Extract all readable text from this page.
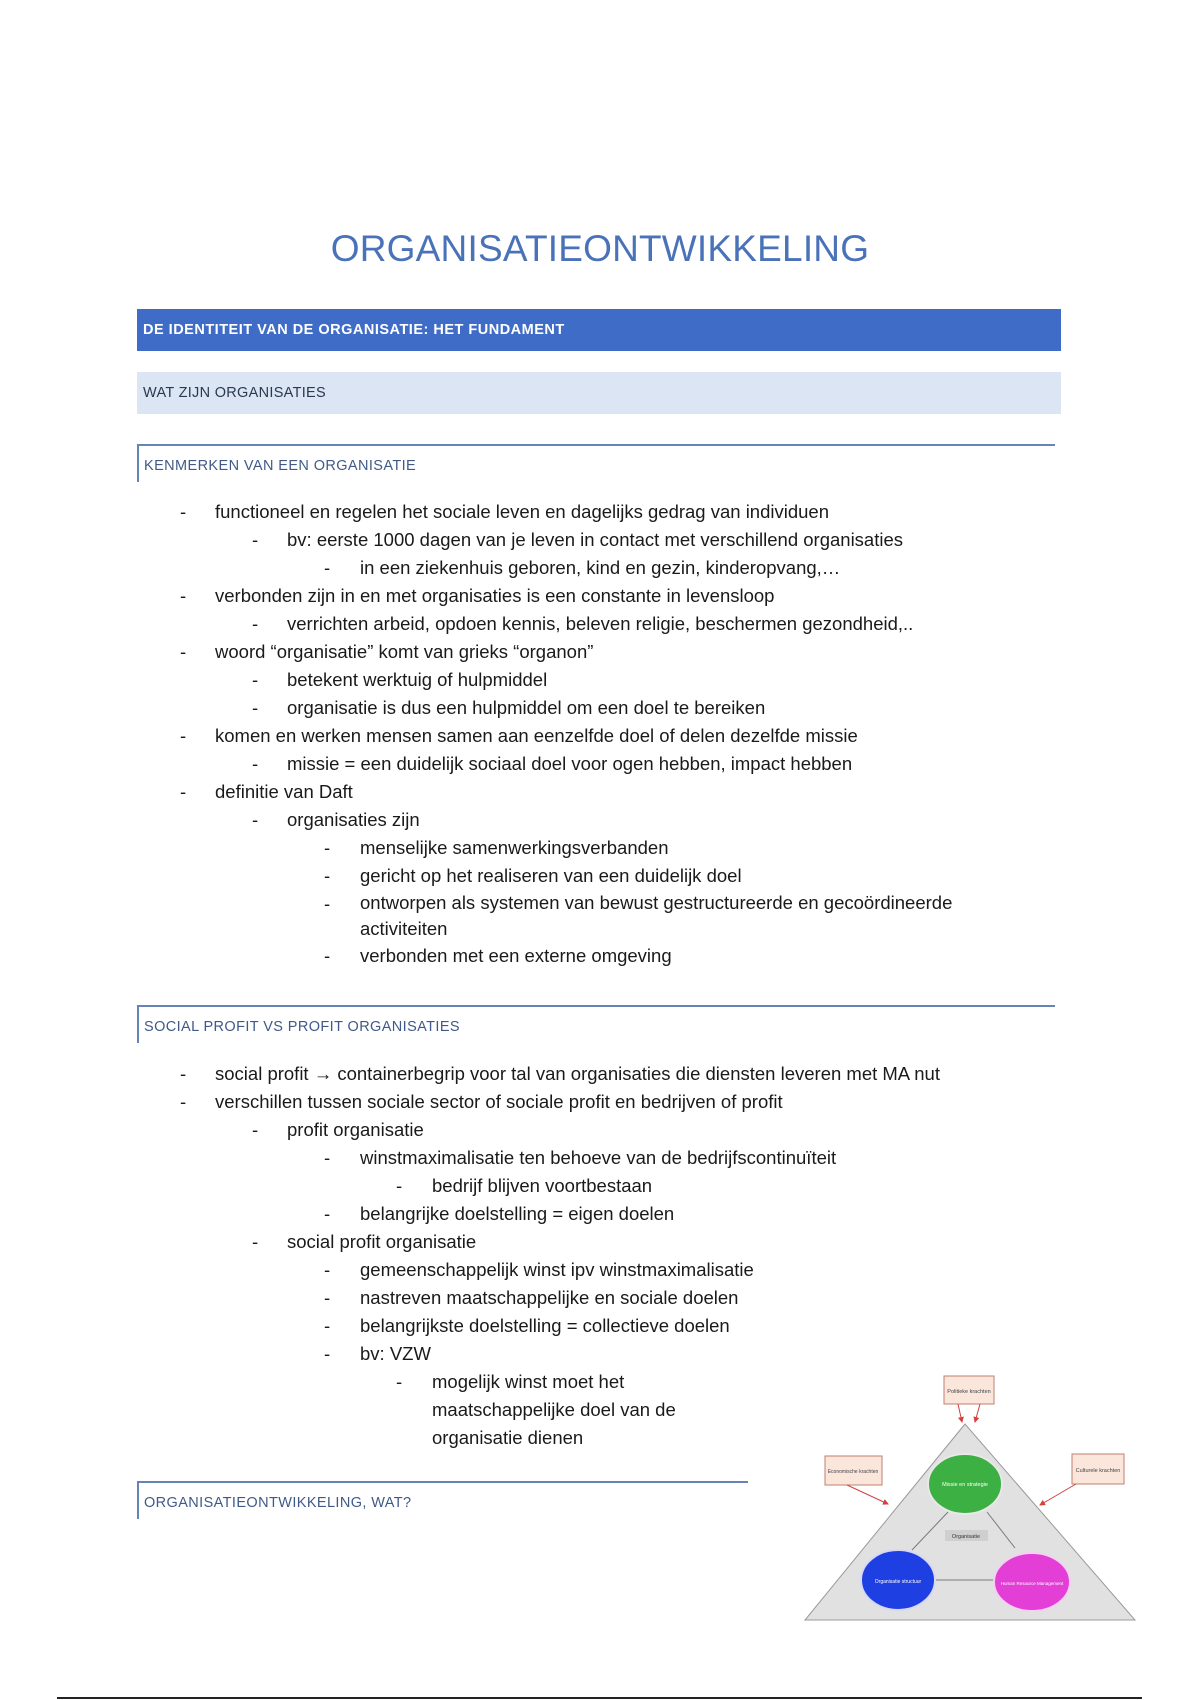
ORGANISATIEONTWIKKELING
DE IDENTITEIT VAN DE ORGANISATIE: HET FUNDAMENT
WAT ZIJN ORGANISATIES
KENMERKEN VAN EEN ORGANISATIE
- functioneel en regelen het sociale leven en dagelijks gedrag van individuen
- bv: eerste 1000 dagen van je leven in contact met verschillend organisaties
- in een ziekenhuis geboren, kind en gezin, kinderopvang,…
- verbonden zijn in en met organisaties is een constante in levensloop
- verrichten arbeid, opdoen kennis, beleven religie, beschermen gezondheid,..
- woord “organisatie” komt van grieks “organon”
- betekent werktuig of hulpmiddel
- organisatie is dus een hulpmiddel om een doel te bereiken
- komen en werken mensen samen aan eenzelfde doel of delen dezelfde missie
- missie = een duidelijk sociaal doel voor ogen hebben, impact hebben
- definitie van Daft
- organisaties zijn
- menselijke samenwerkingsverbanden
- gericht op het realiseren van een duidelijk doel
- ontworpen als systemen van bewust gestructureerde en gecoördineerde activiteiten
- verbonden met een externe omgeving
SOCIAL PROFIT VS PROFIT ORGANISATIES
- social profit → containerbegrip voor tal van organisaties die diensten leveren met MA nut
- verschillen tussen sociale sector of sociale profit en bedrijven of profit
- profit organisatie
- winstmaximalisatie ten behoeve van de bedrijfscontinuïteit
- bedrijf blijven voortbestaan
- belangrijke doelstelling = eigen doelen
- social profit organisatie
- gemeenschappelijk winst ipv winstmaximalisatie
- nastreven maatschappelijke en sociale doelen
- belangrijkste doelstelling = collectieve doelen
- bv: VZW
- mogelijk winst moet het maatschappelijke doel van de organisatie dienen
ORGANISATIEONTWIKKELING, WAT?
Politieke krachten
Economische krachten	Culturele krachten
Missie en strategie
Organisatie
Organisatie structuur	Human Resource Management
